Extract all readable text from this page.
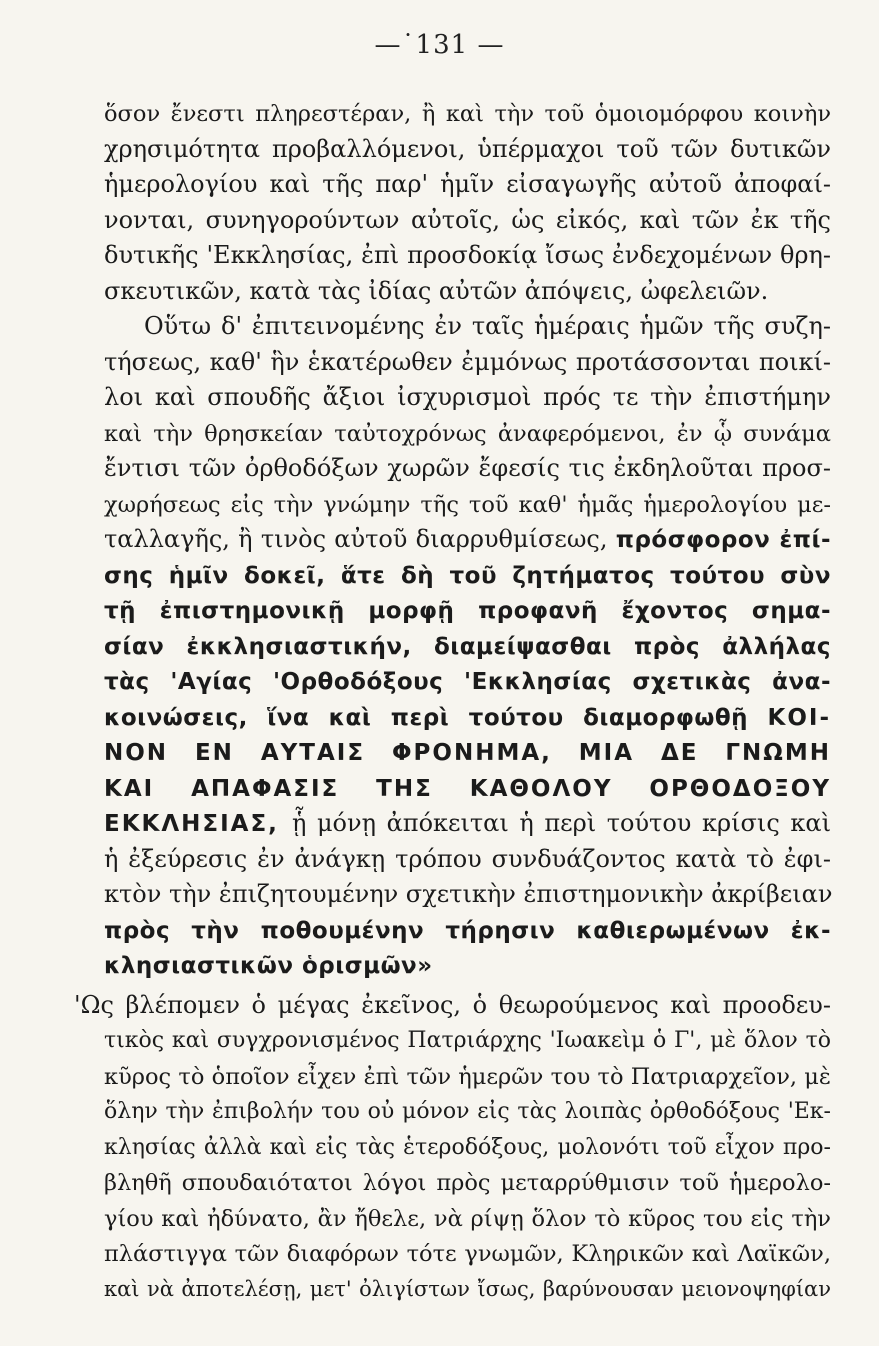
—˙131 —
ὅσον ἔνεστι πληρεστέραν, ἢ καὶ τὴν τοῦ ὁμοιομόρφου κοινὴν
χρησιμότητα προβαλλόμενοι, ὑπέρμαχοι τοῦ τῶν δυτικῶν
ἡμερολογίου καὶ τῆς παρ' ἡμῖν εἰσαγωγῆς αὐτοῦ ἀποφαί-
νονται, συνηγορούντων αὐτοῖς, ὡς εἰκός, καὶ τῶν ἐκ τῆς
δυτικῆς 'Εκκλησίας, ἐπὶ προσδοκίᾳ ἴσως ἐνδεχομένων θρη-
σκευτικῶν, κατὰ τὰς ἰδίας αὐτῶν ἀπόψεις, ὠφελειῶν.
Οὕτω δ' ἐπιτεινομένης ἐν ταῖς ἡμέραις ἡμῶν τῆς συζη-
τήσεως, καθ' ἣν ἑκατέρωθεν ἐμμόνως προτάσσονται ποικί-
λοι καὶ σπουδῆς ἄξιοι ἰσχυρισμοὶ πρός τε τὴν ἐπιστήμην
καὶ τὴν θρησκείαν ταὐτοχρόνως ἀναφερόμενοι, ἐν ᾧ συνάμα
ἔντισι τῶν ὀρθοδόξων χωρῶν ἔφεσίς τις ἐκδηλοῦται προσ-
χωρήσεως εἰς τὴν γνώμην τῆς τοῦ καθ' ἡμᾶς ἡμερολογίου με-
ταλλαγῆς, ἢ τινὸς αὐτοῦ διαρρυθμίσεως, πρόσφορον ἐπί-
σης ἡμῖν δοκεῖ, ἅτε δὴ τοῦ ζητήματος τούτου σὺν
τῇ ἐπιστημονικῇ μορφῇ προφανῆ ἔχοντος σημα-
σίαν ἐκκλησιαστικήν, διαμείψασθαι πρὸς ἀλλήλας
τὰς 'Αγίας 'Ορθοδόξους 'Εκκλησίας σχετικὰς ἀνα-
κοινώσεις, ἵνα καὶ περὶ τούτου διαμορφωθῇ ΚΟΙ-
ΝΟΝ ΕΝ ΑΥΤΑΙΣ ΦΡΟΝΗΜΑ, ΜΙΑ ΔΕ ΓΝΩΜΗ
ΚΑΙ ΑΠΑΦΑΣΙΣ ΤΗΣ ΚΑΘΟΛΟΥ ΟΡΘΟΔΟΞΟΥ
ΕΚΚΛΗΣΙΑΣ, ᾗ μόνῃ ἀπόκειται ἡ περὶ τούτου κρίσις καὶ
ἡ ἐξεύρεσις ἐν ἀνάγκῃ τρόπου συνδυάζοντος κατὰ τὸ ἐφι-
κτὸν τὴν ἐπιζητουμένην σχετικὴν ἐπιστημονικὴν ἀκρίβειαν
πρὸς τὴν ποθουμένην τήρησιν καθιερωμένων ἐκ-
κλησιαστικῶν ὁρισμῶν»
'Ως βλέπομεν ὁ μέγας ἐκεῖνος, ὁ θεωρούμενος καὶ προοδευ-
τικὸς καὶ συγχρονισμένος Πατριάρχης 'Ιωακεὶμ ὁ Γ', μὲ ὅλον τὸ
κῦρος τὸ ὁποῖον εἶχεν ἐπὶ τῶν ἡμερῶν του τὸ Πατριαρχεῖον, μὲ
ὅλην τὴν ἐπιβολήν του οὐ μόνον εἰς τὰς λοιπὰς ὀρθοδόξους 'Εκ-
κλησίας ἀλλὰ καὶ εἰς τὰς ἑτεροδόξους, μολονότι τοῦ εἶχον προ-
βληθῆ σπουδαιότατοι λόγοι πρὸς μεταρρύθμισιν τοῦ ἡμερολο-
γίου καὶ ἠδύνατο, ἂν ἤθελε, νὰ ρίψῃ ὅλον τὸ κῦρος του εἰς τὴν
πλάστιγγα τῶν διαφόρων τότε γνωμῶν, Κληρικῶν καὶ Λαϊκῶν,
καὶ νὰ ἀποτελέσῃ, μετ' ὀλιγίστων ἴσως, βαρύνουσαν μειονοψηφίαν
